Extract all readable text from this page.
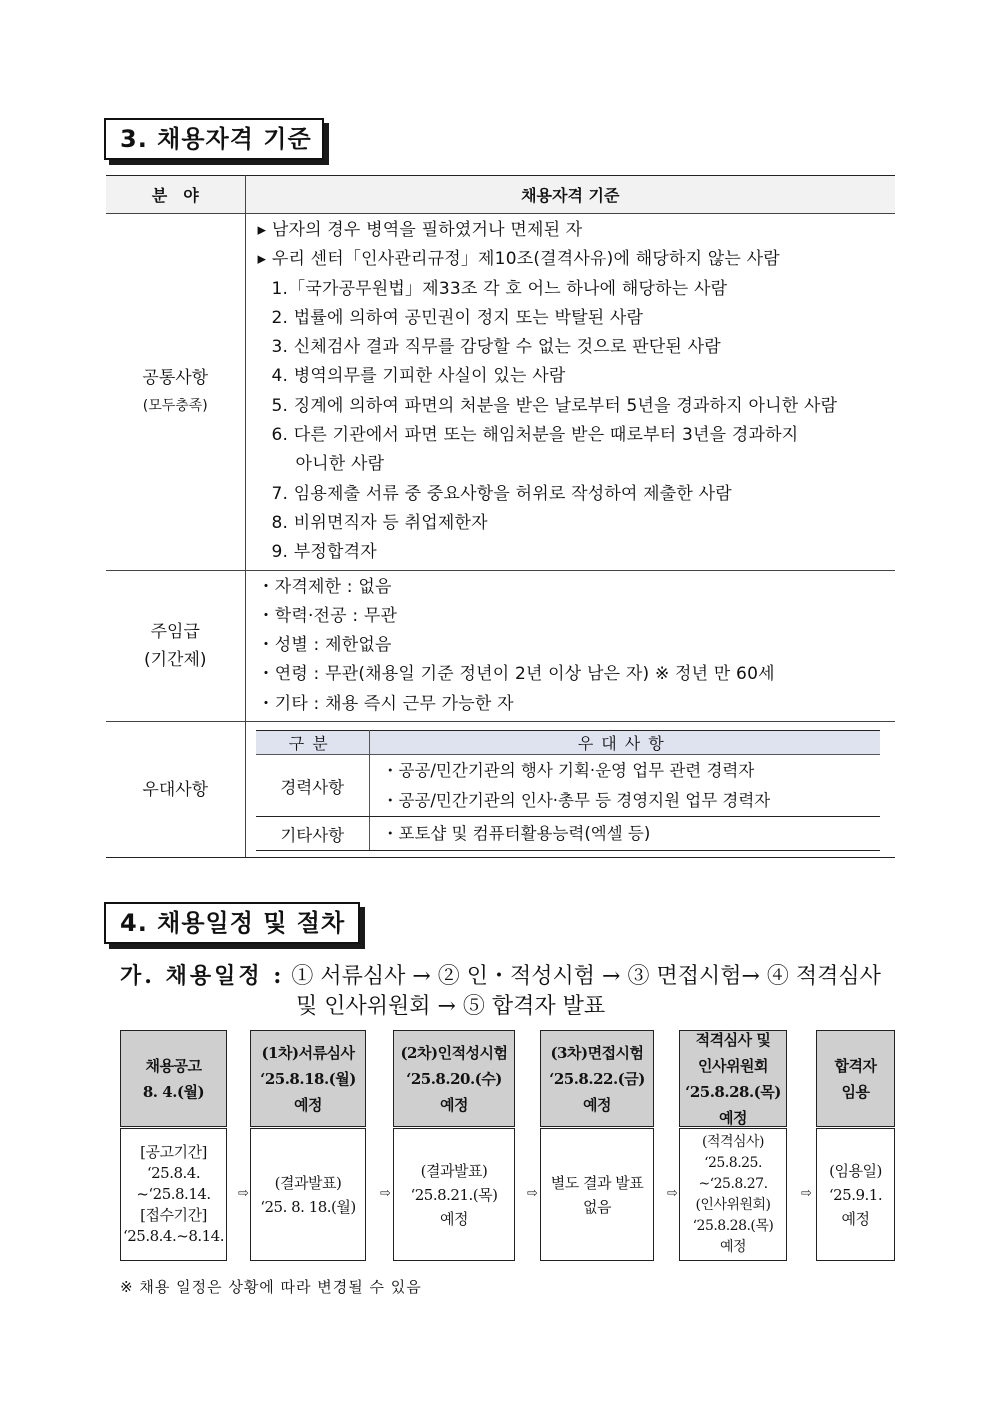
3. 채용자격 기준
분　야	채용자격 기준

공통사항
(모두충족)

▸ 남자의 경우 병역을 필하였거나 면제된 자
▸ 우리 센터「인사관리규정」제10조(결격사유)에 해당하지 않는 사람
1.「국가공무원법」제33조 각 호 어느 하나에 해당하는 사람
2. 법률에 의하여 공민권이 정지 또는 박탈된 사람
3. 신체검사 결과 직무를 감당할 수 없는 것으로 판단된 사람
4. 병역의무를 기피한 사실이 있는 사람
5. 징계에 의하여 파면의 처분을 받은 날로부터 5년을 경과하지 아니한 사람
6. 다른 기관에서 파면 또는 해임처분을 받은 때로부터 3년을 경과하지
아니한 사람
7. 임용제출 서류 중 중요사항을 허위로 작성하여 제출한 사람
8. 비위면직자 등 취업제한자
9. 부정합격자

주임급
(기간제)

・자격제한 : 없음
・학력·전공 : 무관
・성별 : 제한없음
・연령 : 무관(채용일 기준 정년이 2년 이상 남은 자) ※ 정년 만 60세
・기타 : 채용 즉시 근무 가능한 자

우대사항

구분	우대사항
경력사항	
・공공/민간기관의 행사 기획·운영 업무 관련 경력자
・공공/민간기관의 인사·총무 등 경영지원 업무 경력자

기타사항	・포토샵 및 컴퓨터활용능력(엑셀 등)
4. 채용일정 및 절차
가. 채용일정 : ① 서류심사 → ② 인・적성시험 → ③ 면접시험→ ④ 적격심사
및 인사위원회 → ⑤ 합격자 발표
채용공고
8. 4.(월)
[공고기간]
‘25.8.4.
~‘25.8.14.
[접수기간]
‘25.8.4.~8.14.
(1차)서류심사
‘25.8.18.(월)
예정
(결과발표)
‘25. 8. 18.(월)
(2차)인적성시험
‘25.8.20.(수)
예정
(결과발표)
‘25.8.21.(목)
예정
(3차)면접시험
‘25.8.22.(금)
예정
별도 결과 발표
없음
적격심사 및
인사위원회
‘25.8.28.(목)
예정
(적격심사)
‘25.8.25.
~‘25.8.27.
(인사위원회)
‘25.8.28.(목)
예정
합격자
임용
(임용일)
‘25.9.1.
예정
⇨	⇨	⇨	⇨	⇨
※ 채용 일정은 상황에 따라 변경될 수 있음
